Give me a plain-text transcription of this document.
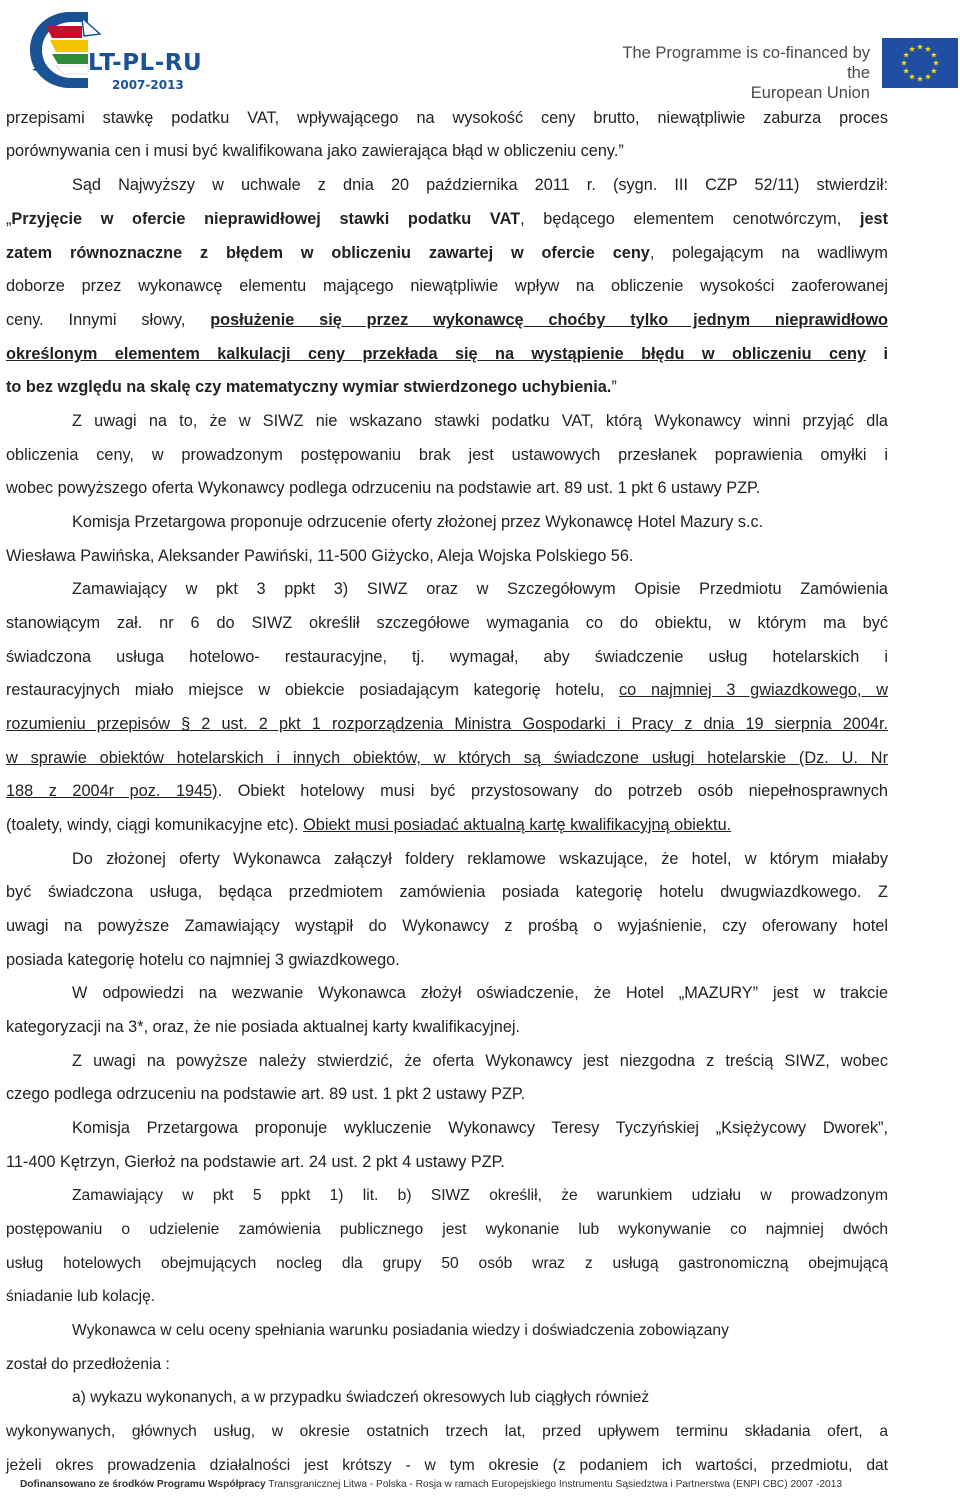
LT-PL-RU
2007-2013
The Programme is co-financed by the
European Union
przepisami stawkę podatku VAT, wpływającego na wysokość ceny brutto, niewątpliwie zaburza proces
porównywania cen i musi być kwalifikowana jako zawierająca błąd w obliczeniu ceny.”
Sąd Najwyższy w uchwale z dnia 20 października 2011 r. (sygn. III CZP 52/11) stwierdził:
„Przyjęcie w ofercie nieprawidłowej stawki podatku VAT, będącego elementem cenotwórczym, jest
zatem równoznaczne z błędem w obliczeniu zawartej w ofercie ceny, polegającym na wadliwym
doborze przez wykonawcę elementu mającego niewątpliwie wpływ na obliczenie wysokości zaoferowanej
ceny. Innymi słowy, posłużenie się przez wykonawcę choćby tylko jednym nieprawidłowo
określonym elementem kalkulacji ceny przekłada się na wystąpienie błędu w obliczeniu ceny i
to bez względu na skalę czy matematyczny wymiar stwierdzonego uchybienia.”
Z uwagi na to, że w SIWZ nie wskazano stawki podatku VAT, którą Wykonawcy winni przyjąć dla
obliczenia ceny, w prowadzonym postępowaniu brak jest ustawowych przesłanek poprawienia omyłki i
wobec powyższego oferta Wykonawcy podlega odrzuceniu na podstawie art. 89 ust. 1 pkt 6 ustawy PZP.
Komisja Przetargowa proponuje odrzucenie oferty złożonej przez Wykonawcę Hotel Mazury s.c.
Wiesława Pawińska, Aleksander Pawiński, 11-500 Giżycko, Aleja Wojska Polskiego 56.
Zamawiający w pkt 3 ppkt 3) SIWZ oraz w Szczegółowym Opisie Przedmiotu Zamówienia
stanowiącym zał. nr 6 do SIWZ określił szczegółowe wymagania co do obiektu, w którym ma być
świadczona usługa hotelowo- restauracyjne, tj. wymagał, aby świadczenie usług hotelarskich i
restauracyjnych miało miejsce w obiekcie posiadającym kategorię hotelu, co najmniej 3 gwiazdkowego, w
rozumieniu przepisów § 2 ust. 2 pkt 1 rozporządzenia Ministra Gospodarki i Pracy z dnia 19 sierpnia 2004r.
w sprawie obiektów hotelarskich i innych obiektów, w których są świadczone usługi hotelarskie (Dz. U. Nr
188 z 2004r poz. 1945). Obiekt hotelowy musi być przystosowany do potrzeb osób niepełnosprawnych
(toalety, windy, ciągi komunikacyjne etc). Obiekt musi posiadać aktualną kartę kwalifikacyjną obiektu.
Do złożonej oferty Wykonawca załączył foldery reklamowe wskazujące, że hotel, w którym miałaby
być świadczona usługa, będąca przedmiotem zamówienia posiada kategorię hotelu dwugwiazdkowego. Z
uwagi na powyższe Zamawiający wystąpił do Wykonawcy z prośbą o wyjaśnienie, czy oferowany hotel
posiada kategorię hotelu co najmniej 3 gwiazdkowego.
W odpowiedzi na wezwanie Wykonawca złożył oświadczenie, że Hotel „MAZURY” jest w trakcie
kategoryzacji na 3*, oraz, że nie posiada aktualnej karty kwalifikacyjnej.
Z uwagi na powyższe należy stwierdzić, że oferta Wykonawcy jest niezgodna z treścią SIWZ, wobec
czego podlega odrzuceniu na podstawie art. 89 ust. 1 pkt 2 ustawy PZP.
Komisja Przetargowa proponuje wykluczenie Wykonawcy Teresy Tyczyńskiej „Księżycowy Dworek”,
11-400 Kętrzyn, Gierłoż na podstawie art. 24 ust. 2 pkt 4 ustawy PZP.
Zamawiający w pkt 5 ppkt 1) lit. b) SIWZ określił, że warunkiem udziału w prowadzonym
postępowaniu o udzielenie zamówienia publicznego jest wykonanie lub wykonywanie co najmniej dwóch
usług hotelowych obejmujących nocleg dla grupy 50 osób wraz z usługą gastronomiczną obejmującą
śniadanie lub kolację.
Wykonawca w celu oceny spełniania warunku posiadania wiedzy i doświadczenia zobowiązany
został do przedłożenia :
a) wykazu wykonanych, a w przypadku świadczeń okresowych lub ciągłych również
wykonywanych, głównych usług, w okresie ostatnich trzech lat, przed upływem terminu składania ofert, a
jeżeli okres prowadzenia działalności jest krótszy - w tym okresie (z podaniem ich wartości, przedmiotu, dat
Dofinansowano ze środków Programu Współpracy Transgranicznej Litwa - Polska - Rosja w ramach Europejskiego Instrumentu Sąsiedztwa i Partnerstwa (ENPI CBC) 2007 -2013
